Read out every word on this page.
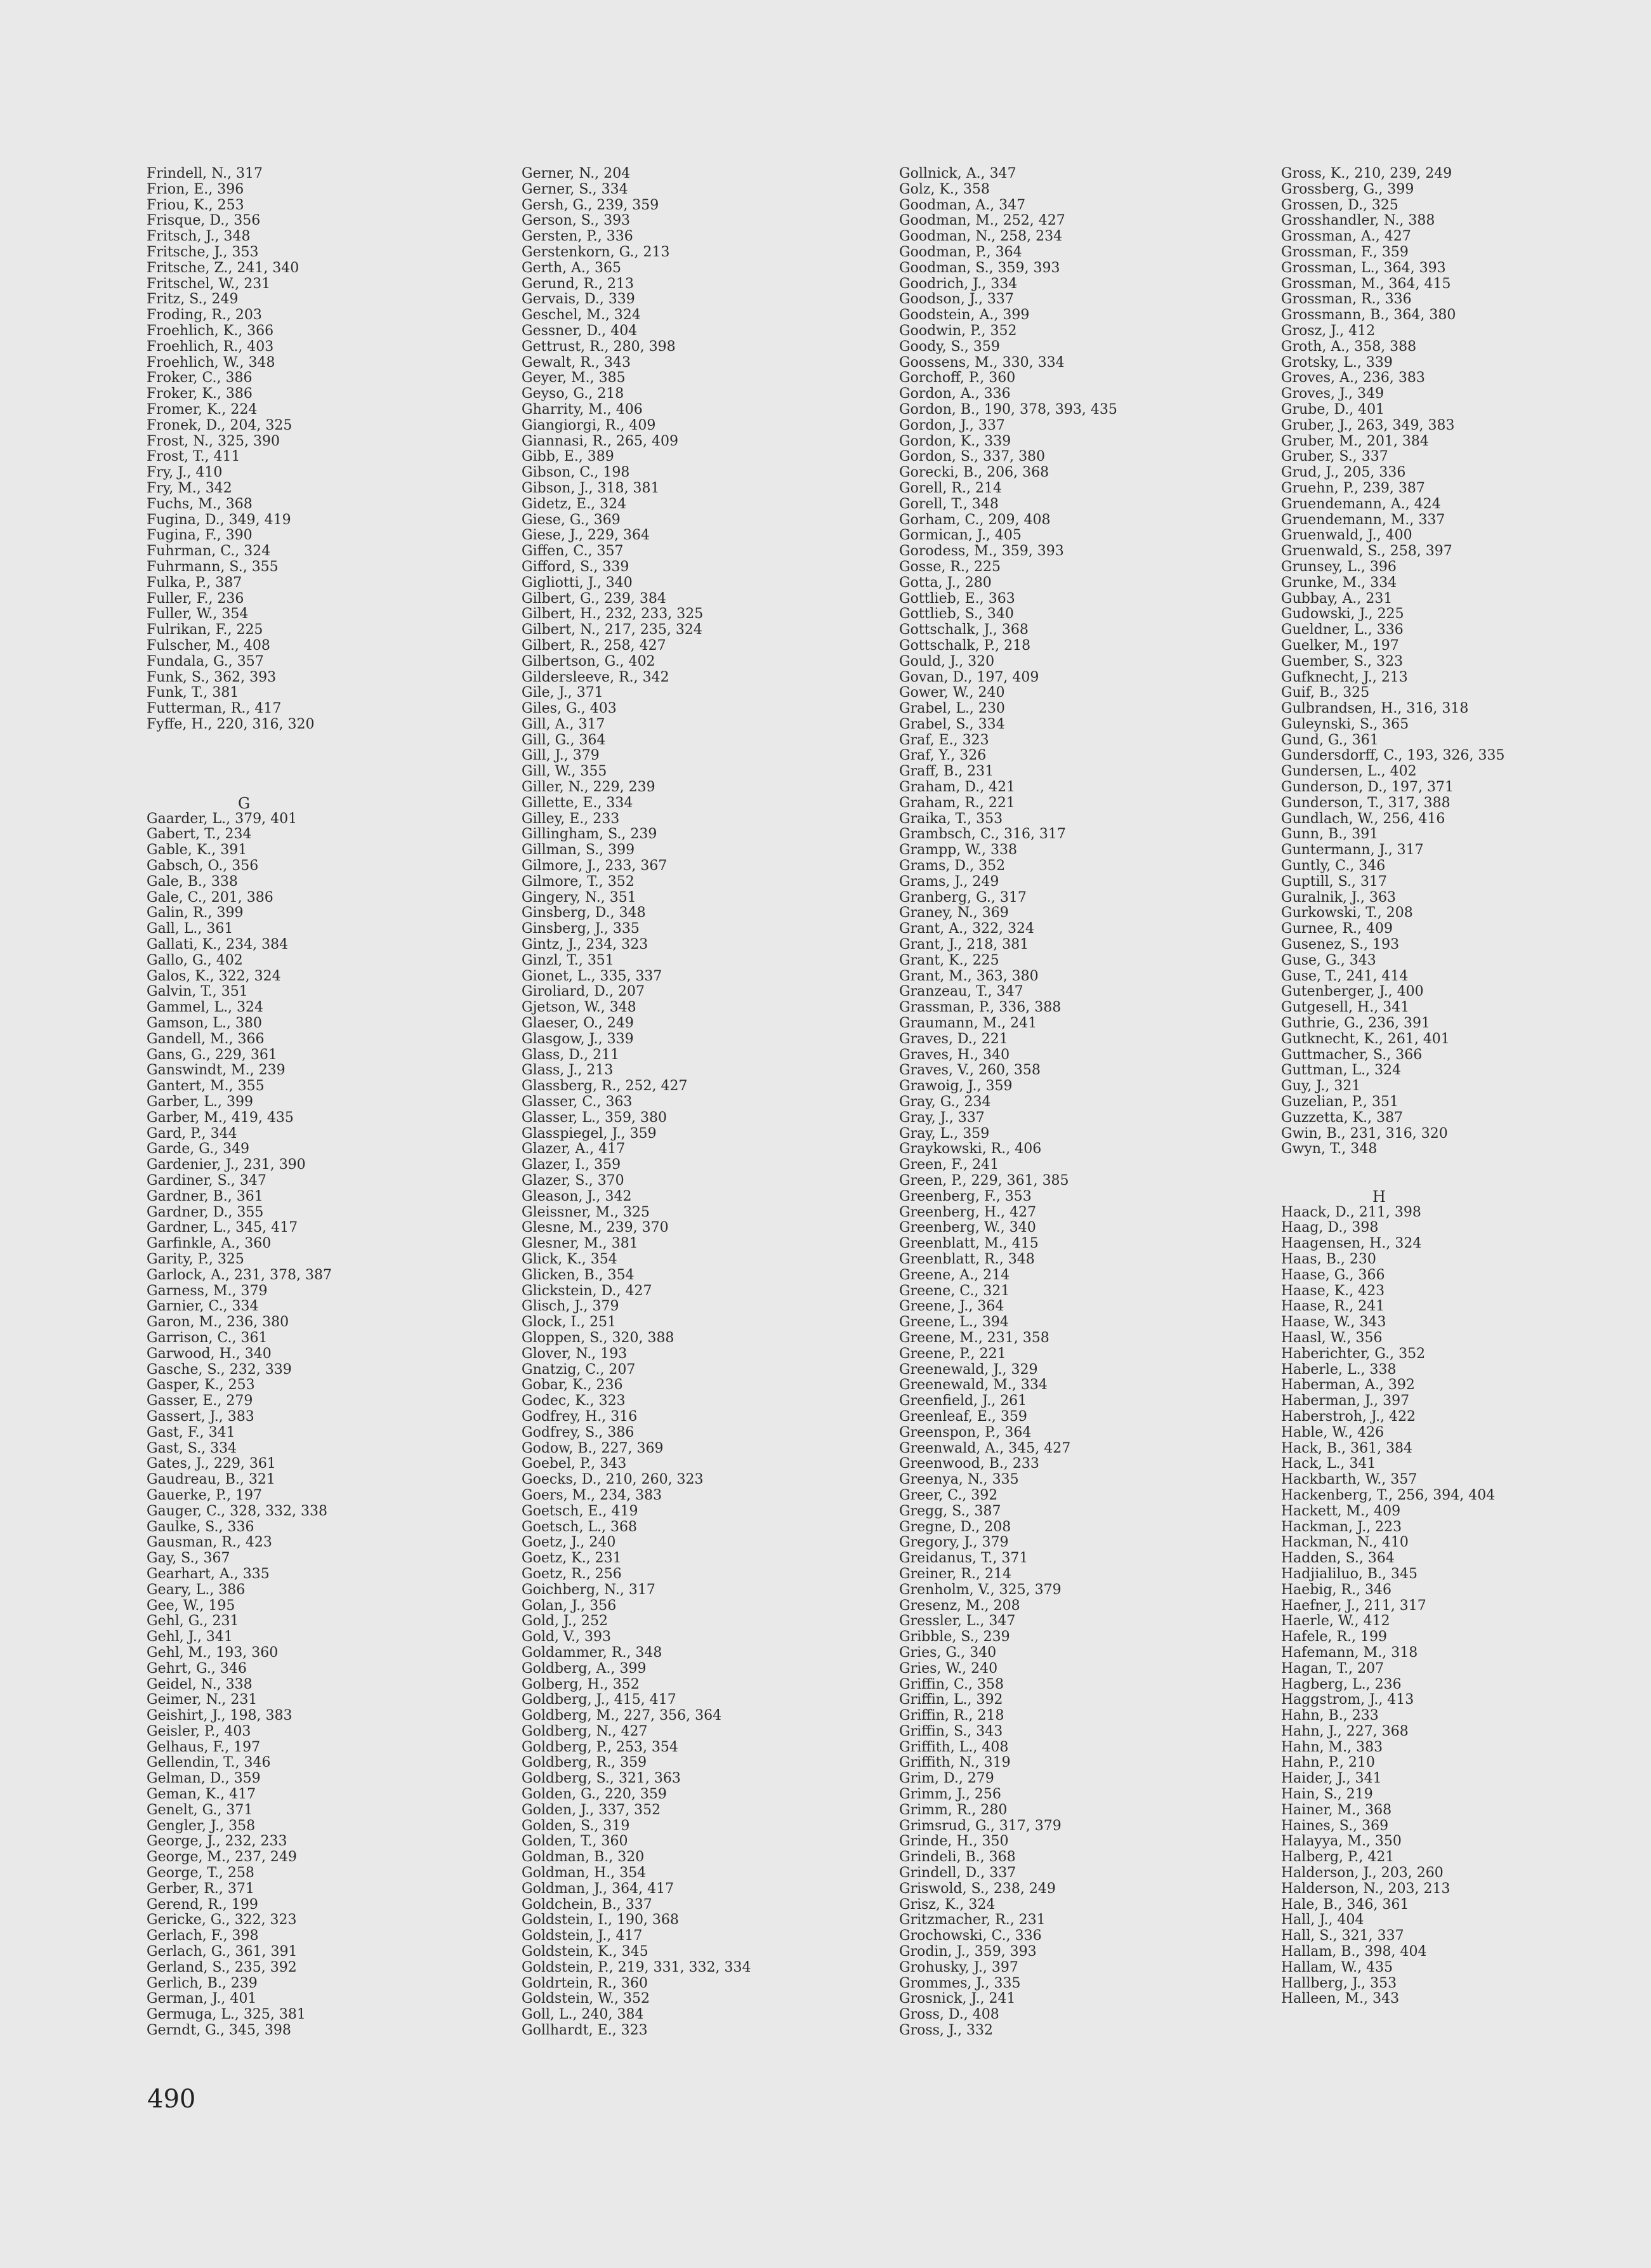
Frindell, N., 317
Frion, E., 396
Friou, K., 253
Frisque, D., 356
Fritsch, J., 348
Fritsche, J., 353
Fritsche, Z., 241, 340
Fritschel, W., 231
Fritz, S., 249
Froding, R., 203
Froehlich, K., 366
Froehlich, R., 403
Froehlich, W., 348
Froker, C., 386
Froker, K., 386
Fromer, K., 224
Fronek, D., 204, 325
Frost, N., 325, 390
Frost, T., 411
Fry, J., 410
Fry, M., 342
Fuchs, M., 368
Fugina, D., 349, 419
Fugina, F., 390
Fuhrman, C., 324
Fuhrmann, S., 355
Fulka, P., 387
Fuller, F., 236
Fuller, W., 354
Fulrikan, F., 225
Fulscher, M., 408
Fundala, G., 357
Funk, S., 362, 393
Funk, T., 381
Futterman, R., 417
Fyffe, H., 220, 316, 320
G
Gaarder, L., 379, 401
Gabert, T., 234
Gable, K., 391
Gabsch, O., 356
Gale, B., 338
Gale, C., 201, 386
Galin, R., 399
Gall, L., 361
Gallati, K., 234, 384
Gallo, G., 402
Galos, K., 322, 324
Galvin, T., 351
Gammel, L., 324
Gamson, L., 380
Gandell, M., 366
Gans, G., 229, 361
Ganswindt, M., 239
Gantert, M., 355
Garber, L., 399
Garber, M., 419, 435
Gard, P., 344
Garde, G., 349
Gardenier, J., 231, 390
Gardiner, S., 347
Gardner, B., 361
Gardner, D., 355
Gardner, L., 345, 417
Garfinkle, A., 360
Garity, P., 325
Garlock, A., 231, 378, 387
Garness, M., 379
Garnier, C., 334
Garon, M., 236, 380
Garrison, C., 361
Garwood, H., 340
Gasche, S., 232, 339
Gasper, K., 253
Gasser, E., 279
Gassert, J., 383
Gast, F., 341
Gast, S., 334
Gates, J., 229, 361
Gaudreau, B., 321
Gauerke, P., 197
Gauger, C., 328, 332, 338
Gaulke, S., 336
Gausman, R., 423
Gay, S., 367
Gearhart, A., 335
Geary, L., 386
Gee, W., 195
Gehl, G., 231
Gehl, J., 341
Gehl, M., 193, 360
Gehrt, G., 346
Geidel, N., 338
Geimer, N., 231
Geishirt, J., 198, 383
Geisler, P., 403
Gelhaus, F., 197
Gellendin, T., 346
Gelman, D., 359
Geman, K., 417
Genelt, G., 371
Gengler, J., 358
George, J., 232, 233
George, M., 237, 249
George, T., 258
Gerber, R., 371
Gerend, R., 199
Gericke, G., 322, 323
Gerlach, F., 398
Gerlach, G., 361, 391
Gerland, S., 235, 392
Gerlich, B., 239
German, J., 401
Germuga, L., 325, 381
Gerndt, G., 345, 398
Gerner, N., 204
Gerner, S., 334
Gersh, G., 239, 359
Gerson, S., 393
Gersten, P., 336
Gerstenkorn, G., 213
Gerth, A., 365
Gerund, R., 213
Gervais, D., 339
Geschel, M., 324
Gessner, D., 404
Gettrust, R., 280, 398
Gewalt, R., 343
Geyer, M., 385
Geyso, G., 218
Gharrity, M., 406
Giangiorgi, R., 409
Giannasi, R., 265, 409
Gibb, E., 389
Gibson, C., 198
Gibson, J., 318, 381
Gidetz, E., 324
Giese, G., 369
Giese, J., 229, 364
Giffen, C., 357
Gifford, S., 339
Gigliotti, J., 340
Gilbert, G., 239, 384
Gilbert, H., 232, 233, 325
Gilbert, N., 217, 235, 324
Gilbert, R., 258, 427
Gilbertson, G., 402
Gildersleeve, R., 342
Gile, J., 371
Giles, G., 403
Gill, A., 317
Gill, G., 364
Gill, J., 379
Gill, W., 355
Giller, N., 229, 239
Gillette, E., 334
Gilley, E., 233
Gillingham, S., 239
Gillman, S., 399
Gilmore, J., 233, 367
Gilmore, T., 352
Gingery, N., 351
Ginsberg, D., 348
Ginsberg, J., 335
Gintz, J., 234, 323
Ginzl, T., 351
Gionet, L., 335, 337
Giroliard, D., 207
Gjetson, W., 348
Glaeser, O., 249
Glasgow, J., 339
Glass, D., 211
Glass, J., 213
Glassberg, R., 252, 427
Glasser, C., 363
Glasser, L., 359, 380
Glasspiegel, J., 359
Glazer, A., 417
Glazer, I., 359
Glazer, S., 370
Gleason, J., 342
Gleissner, M., 325
Glesne, M., 239, 370
Glesner, M., 381
Glick, K., 354
Glicken, B., 354
Glickstein, D., 427
Glisch, J., 379
Glock, I., 251
Gloppen, S., 320, 388
Glover, N., 193
Gnatzig, C., 207
Gobar, K., 236
Godec, K., 323
Godfrey, H., 316
Godfrey, S., 386
Godow, B., 227, 369
Goebel, P., 343
Goecks, D., 210, 260, 323
Goers, M., 234, 383
Goetsch, E., 419
Goetsch, L., 368
Goetz, J., 240
Goetz, K., 231
Goetz, R., 256
Goichberg, N., 317
Golan, J., 356
Gold, J., 252
Gold, V., 393
Goldammer, R., 348
Goldberg, A., 399
Golberg, H., 352
Goldberg, J., 415, 417
Goldberg, M., 227, 356, 364
Goldberg, N., 427
Goldberg, P., 253, 354
Goldberg, R., 359
Goldberg, S., 321, 363
Golden, G., 220, 359
Golden, J., 337, 352
Golden, S., 319
Golden, T., 360
Goldman, B., 320
Goldman, H., 354
Goldman, J., 364, 417
Goldchein, B., 337
Goldstein, I., 190, 368
Goldstein, J., 417
Goldstein, K., 345
Goldstein, P., 219, 331, 332, 334
Goldrtein, R., 360
Goldstein, W., 352
Goll, L., 240, 384
Gollhardt, E., 323
Gollnick, A., 347
Golz, K., 358
Goodman, A., 347
Goodman, M., 252, 427
Goodman, N., 258, 234
Goodman, P., 364
Goodman, S., 359, 393
Goodrich, J., 334
Goodson, J., 337
Goodstein, A., 399
Goodwin, P., 352
Goody, S., 359
Goossens, M., 330, 334
Gorchoff, P., 360
Gordon, A., 336
Gordon, B., 190, 378, 393, 435
Gordon, J., 337
Gordon, K., 339
Gordon, S., 337, 380
Gorecki, B., 206, 368
Gorell, R., 214
Gorell, T., 348
Gorham, C., 209, 408
Gormican, J., 405
Gorodess, M., 359, 393
Gosse, R., 225
Gotta, J., 280
Gottlieb, E., 363
Gottlieb, S., 340
Gottschalk, J., 368
Gottschalk, P., 218
Gould, J., 320
Govan, D., 197, 409
Gower, W., 240
Grabel, L., 230
Grabel, S., 334
Graf, E., 323
Graf, Y., 326
Graff, B., 231
Graham, D., 421
Graham, R., 221
Graika, T., 353
Grambsch, C., 316, 317
Grampp, W., 338
Grams, D., 352
Grams, J., 249
Granberg, G., 317
Graney, N., 369
Grant, A., 322, 324
Grant, J., 218, 381
Grant, K., 225
Grant, M., 363, 380
Granzeau, T., 347
Grassman, P., 336, 388
Graumann, M., 241
Graves, D., 221
Graves, H., 340
Graves, V., 260, 358
Grawoig, J., 359
Gray, G., 234
Gray, J., 337
Gray, L., 359
Graykowski, R., 406
Green, F., 241
Green, P., 229, 361, 385
Greenberg, F., 353
Greenberg, H., 427
Greenberg, W., 340
Greenblatt, M., 415
Greenblatt, R., 348
Greene, A., 214
Greene, C., 321
Greene, J., 364
Greene, L., 394
Greene, M., 231, 358
Greene, P., 221
Greenewald, J., 329
Greenewald, M., 334
Greenfield, J., 261
Greenleaf, E., 359
Greenspon, P., 364
Greenwald, A., 345, 427
Greenwood, B., 233
Greenya, N., 335
Greer, C., 392
Gregg, S., 387
Gregne, D., 208
Gregory, J., 379
Greidanus, T., 371
Greiner, R., 214
Grenholm, V., 325, 379
Gresenz, M., 208
Gressler, L., 347
Gribble, S., 239
Gries, G., 340
Gries, W., 240
Griffin, C., 358
Griffin, L., 392
Griffin, R., 218
Griffin, S., 343
Griffith, L., 408
Griffith, N., 319
Grim, D., 279
Grimm, J., 256
Grimm, R., 280
Grimsrud, G., 317, 379
Grinde, H., 350
Grindeli, B., 368
Grindell, D., 337
Griswold, S., 238, 249
Grisz, K., 324
Gritzmacher, R., 231
Grochowski, C., 336
Grodin, J., 359, 393
Grohusky, J., 397
Grommes, J., 335
Grosnick, J., 241
Gross, D., 408
Gross, J., 332
Gross, K., 210, 239, 249
Grossberg, G., 399
Grossen, D., 325
Grosshandler, N., 388
Grossman, A., 427
Grossman, F., 359
Grossman, L., 364, 393
Grossman, M., 364, 415
Grossman, R., 336
Grossmann, B., 364, 380
Grosz, J., 412
Groth, A., 358, 388
Grotsky, L., 339
Groves, A., 236, 383
Groves, J., 349
Grube, D., 401
Gruber, J., 263, 349, 383
Gruber, M., 201, 384
Gruber, S., 337
Grud, J., 205, 336
Gruehn, P., 239, 387
Gruendemann, A., 424
Gruendemann, M., 337
Gruenwald, J., 400
Gruenwald, S., 258, 397
Grunsey, L., 396
Grunke, M., 334
Gubbay, A., 231
Gudowski, J., 225
Gueldner, L., 336
Guelker, M., 197
Guember, S., 323
Gufknecht, J., 213
Guif, B., 325
Gulbrandsen, H., 316, 318
Guleynski, S., 365
Gund, G., 361
Gundersdorff, C., 193, 326, 335
Gundersen, L., 402
Gunderson, D., 197, 371
Gunderson, T., 317, 388
Gundlach, W., 256, 416
Gunn, B., 391
Guntermann, J., 317
Guntly, C., 346
Guptill, S., 317
Guralnik, J., 363
Gurkowski, T., 208
Gurnee, R., 409
Gusenez, S., 193
Guse, G., 343
Guse, T., 241, 414
Gutenberger, J., 400
Gutgesell, H., 341
Guthrie, G., 236, 391
Gutknecht, K., 261, 401
Guttmacher, S., 366
Guttman, L., 324
Guy, J., 321
Guzelian, P., 351
Guzzetta, K., 387
Gwin, B., 231, 316, 320
Gwyn, T., 348
H
Haack, D., 211, 398
Haag, D., 398
Haagensen, H., 324
Haas, B., 230
Haase, G., 366
Haase, K., 423
Haase, R., 241
Haase, W., 343
Haasl, W., 356
Haberichter, G., 352
Haberle, L., 338
Haberman, A., 392
Haberman, J., 397
Haberstroh, J., 422
Hable, W., 426
Hack, B., 361, 384
Hack, L., 341
Hackbarth, W., 357
Hackenberg, T., 256, 394, 404
Hackett, M., 409
Hackman, J., 223
Hackman, N., 410
Hadden, S., 364
Hadjialiluo, B., 345
Haebig, R., 346
Haefner, J., 211, 317
Haerle, W., 412
Hafele, R., 199
Hafemann, M., 318
Hagan, T., 207
Hagberg, L., 236
Haggstrom, J., 413
Hahn, B., 233
Hahn, J., 227, 368
Hahn, M., 383
Hahn, P., 210
Haider, J., 341
Hain, S., 219
Hainer, M., 368
Haines, S., 369
Halayya, M., 350
Halberg, P., 421
Halderson, J., 203, 260
Halderson, N., 203, 213
Hale, B., 346, 361
Hall, J., 404
Hall, S., 321, 337
Hallam, B., 398, 404
Hallam, W., 435
Hallberg, J., 353
Halleen, M., 343
490
